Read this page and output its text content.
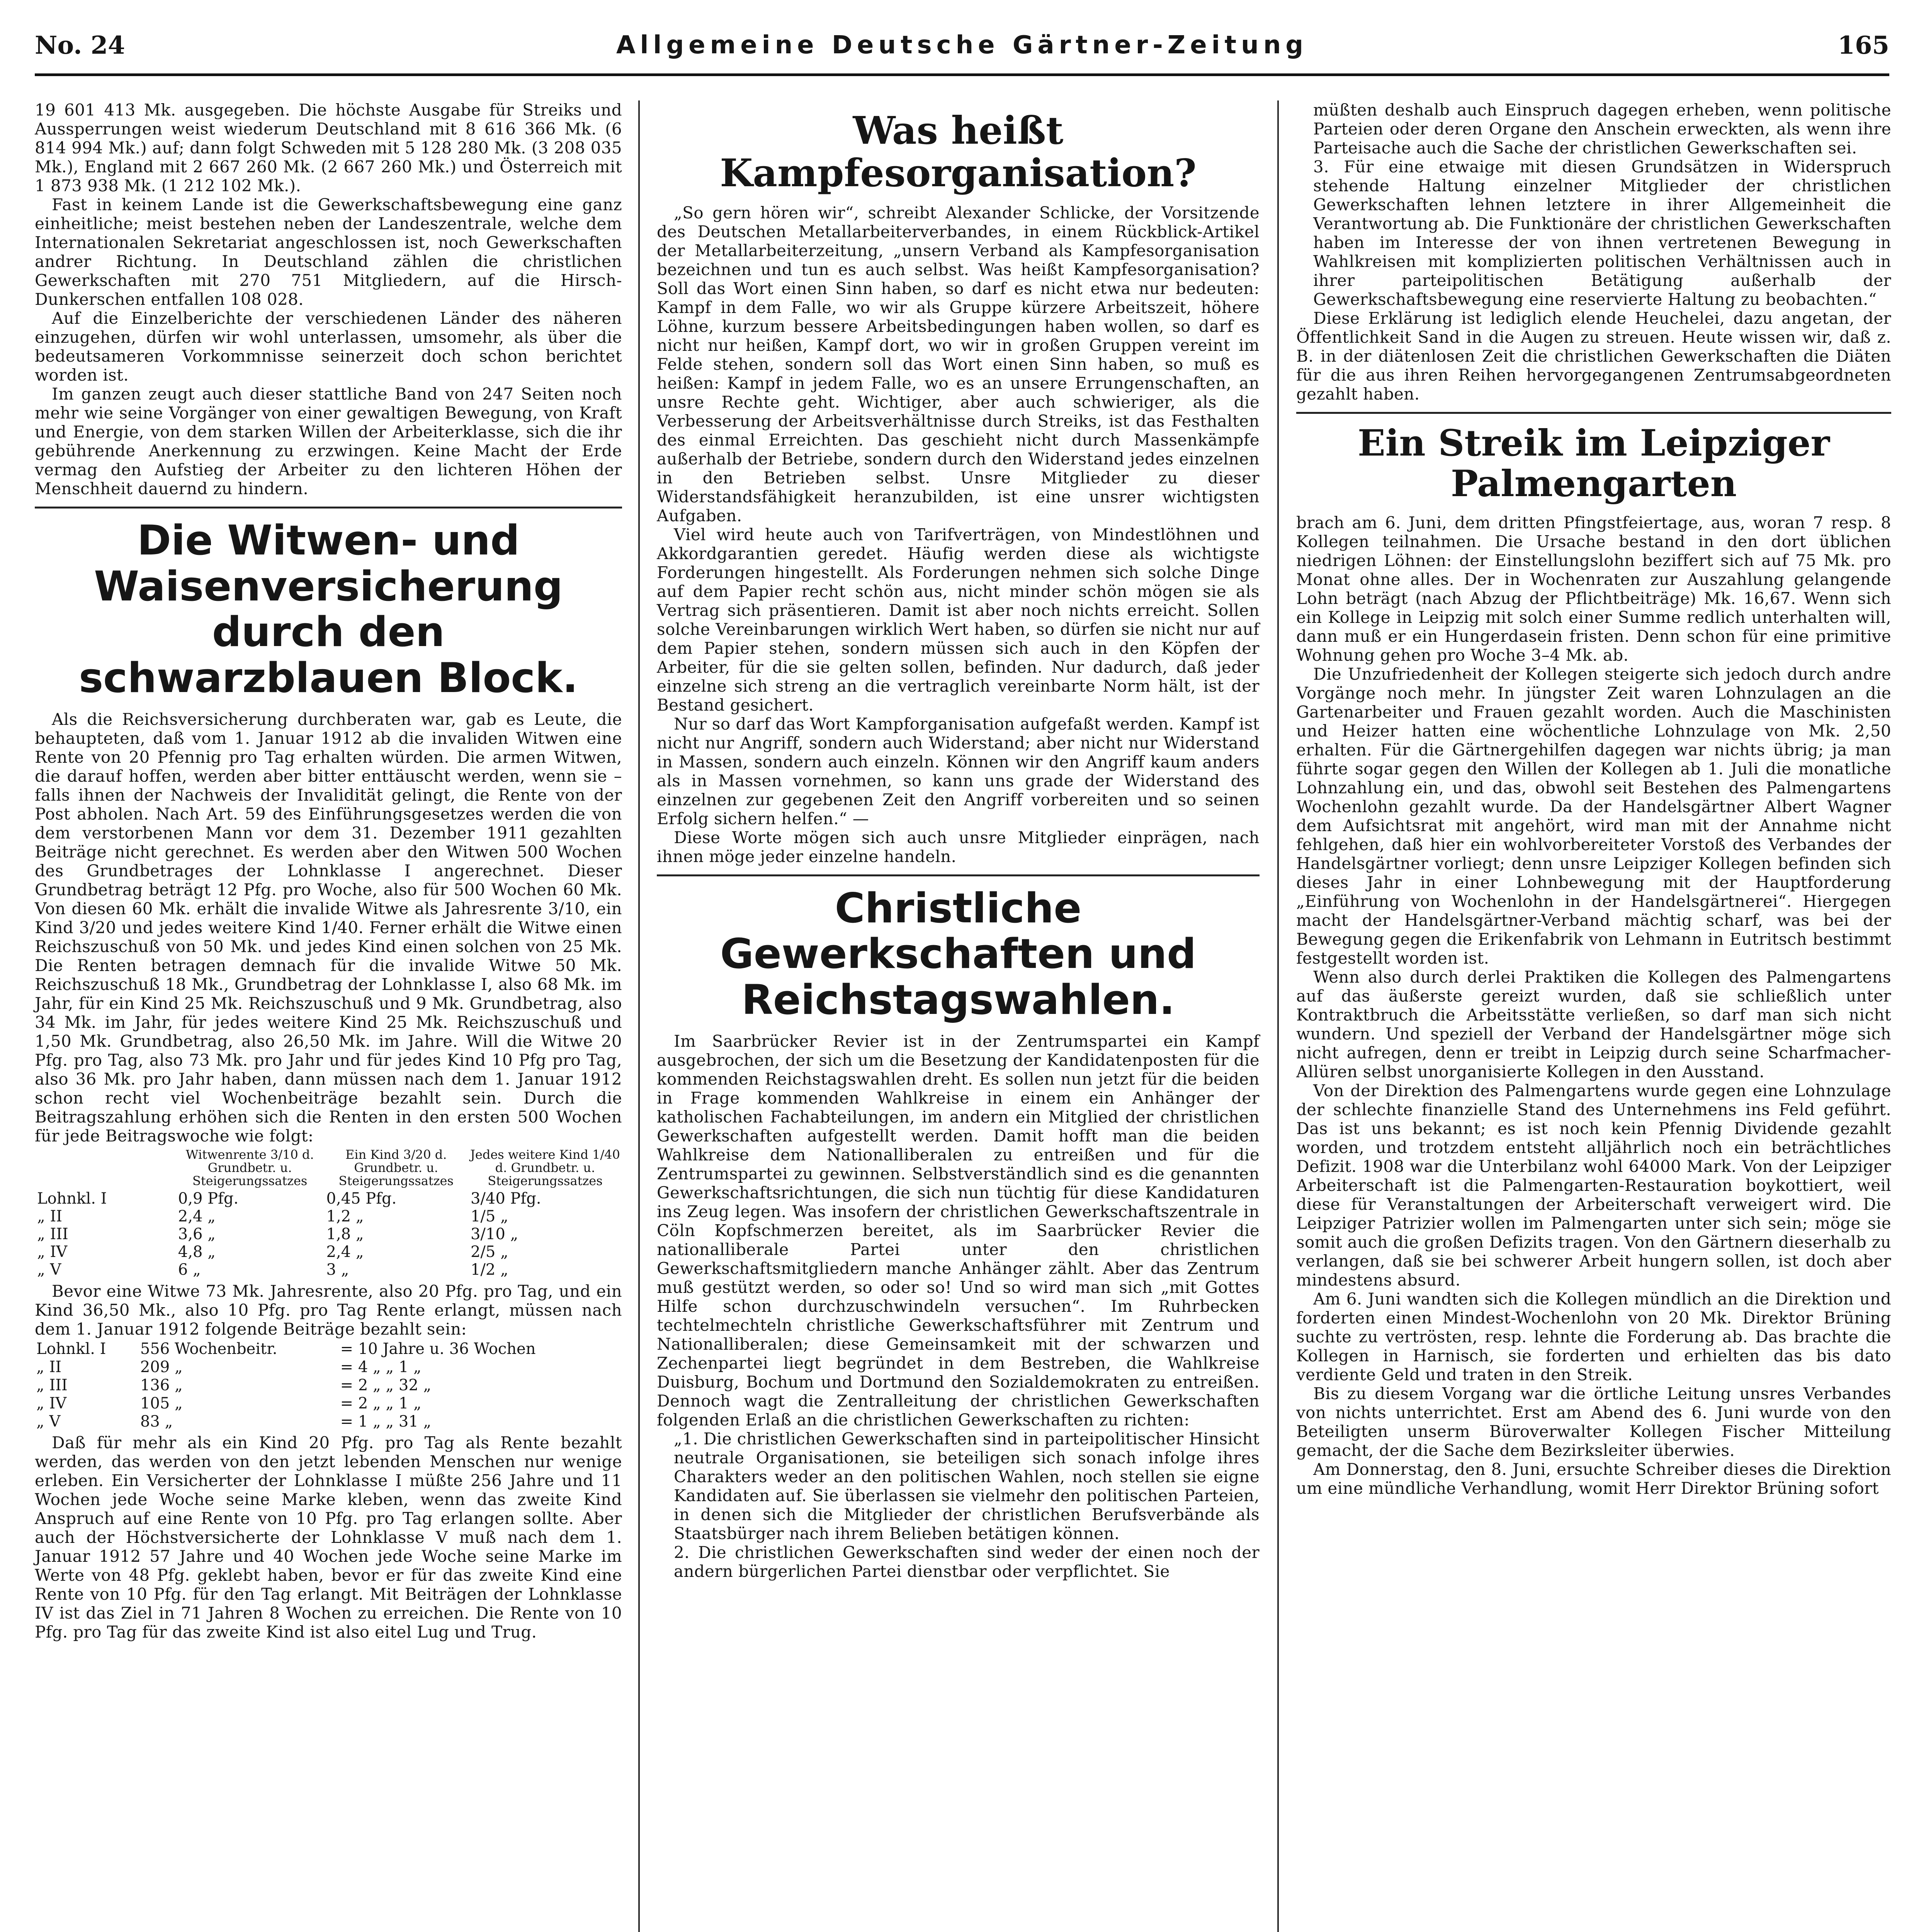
No. 24	Allgemeine Deutsche Gärtner-Zeitung	165

19 601 413 Mk. ausgegeben. Die höchste Ausgabe für Streiks und Aussperrungen weist wiederum Deutschland mit 8 616 366 Mk. (6 814 994 Mk.) auf; dann folgt Schweden mit 5 128 280 Mk. (3 208 035 Mk.), England mit 2 667 260 Mk. (2 667 260 Mk.) und Österreich mit 1 873 938 Mk. (1 212 102 Mk.).

Fast in keinem Lande ist die Gewerkschaftsbewegung eine ganz einheitliche; meist bestehen neben der Landeszentrale, welche dem Internationalen Sekretariat angeschlossen ist, noch Gewerkschaften andrer Richtung. In Deutschland zählen die christlichen Gewerkschaften mit 270 751 Mitgliedern, auf die Hirsch-Dunkerschen entfallen 108 028.

Auf die Einzelberichte der verschiedenen Länder des näheren einzugehen, dürfen wir wohl unterlassen, umsomehr, als über die bedeutsameren Vorkommnisse seinerzeit doch schon berichtet worden ist.

Im ganzen zeugt auch dieser stattliche Band von 247 Seiten noch mehr wie seine Vorgänger von einer gewaltigen Bewegung, von Kraft und Energie, von dem starken Willen der Arbeiterklasse, sich die ihr gebührende Anerkennung zu erzwingen. Keine Macht der Erde vermag den Aufstieg der Arbeiter zu den lichteren Höhen der Menschheit dauernd zu hindern.

Die Witwen- und Waisenversicherung durch den schwarzblauen Block.

Als die Reichsversicherung durchberaten war, gab es Leute, die behaupteten, daß vom 1. Januar 1912 ab die invaliden Witwen eine Rente von 20 Pfennig pro Tag erhalten würden. Die armen Witwen, die darauf hoffen, werden aber bitter enttäuscht werden, wenn sie – falls ihnen der Nachweis der Invalidität gelingt, die Rente von der Post abholen. Nach Art. 59 des Einführungsgesetzes werden die von dem verstorbenen Mann vor dem 31. Dezember 1911 gezahlten Beiträge nicht gerechnet. Es werden aber den Witwen 500 Wochen des Grundbetrages der Lohnklasse I angerechnet. Dieser Grundbetrag beträgt 12 Pfg. pro Woche, also für 500 Wochen 60 Mk. Von diesen 60 Mk. erhält die invalide Witwe als Jahresrente 3/10, ein Kind 3/20 und jedes weitere Kind 1/40. Ferner erhält die Witwe einen Reichszuschuß von 50 Mk. und jedes Kind einen solchen von 25 Mk. Die Renten betragen demnach für die invalide Witwe 50 Mk. Reichszuschuß 18 Mk., Grundbetrag der Lohnklasse I, also 68 Mk. im Jahr, für ein Kind 25 Mk. Reichszuschuß und 9 Mk. Grundbetrag, also 34 Mk. im Jahr, für jedes weitere Kind 25 Mk. Reichszuschuß und 1,50 Mk. Grundbetrag, also 26,50 Mk. im Jahre. Will die Witwe 20 Pfg. pro Tag, also 73 Mk. pro Jahr und für jedes Kind 10 Pfg pro Tag, also 36 Mk. pro Jahr haben, dann müssen nach dem 1. Januar 1912 schon recht viel Wochenbeiträge bezahlt sein. Durch die Beitragszahlung erhöhen sich die Renten in den ersten 500 Wochen für jede Beitragswoche wie folgt:

	Witwenrente 3/10 d. Grundbetr. u. Steigerungssatzes	Ein Kind 3/20 d. Grundbetr. u. Steigerungssatzes	Jedes weitere Kind 1/40 d. Grundbetr. u. Steigerungssatzes
Lohnkl. I	0,9 Pfg.	0,45 Pfg.	3/40 Pfg.
„ II	2,4 „	1,2 „	1/5 „
„ III	3,6 „	1,8 „	3/10 „
„ IV	4,8 „	2,4 „	2/5 „
„ V	6 „	3 „	1/2 „

Bevor eine Witwe 73 Mk. Jahresrente, also 20 Pfg. pro Tag, und ein Kind 36,50 Mk., also 10 Pfg. pro Tag Rente erlangt, müssen nach dem 1. Januar 1912 folgende Beiträge bezahlt sein:

Lohnkl. I	556 Wochenbeitr.	= 10 Jahre u. 36 Wochen
„ II	209 „	= 4 „ „ 1 „
„ III	136 „	= 2 „ „ 32 „
„ IV	105 „	= 2 „ „ 1 „
„ V	83 „	= 1 „ „ 31 „

Daß für mehr als ein Kind 20 Pfg. pro Tag als Rente bezahlt werden, das werden von den jetzt lebenden Menschen nur wenige erleben. Ein Versicherter der Lohnklasse I müßte 256 Jahre und 11 Wochen jede Woche seine Marke kleben, wenn das zweite Kind Anspruch auf eine Rente von 10 Pfg. pro Tag erlangen sollte. Aber auch der Höchstversicherte der Lohnklasse V muß nach dem 1. Januar 1912 57 Jahre und 40 Wochen jede Woche seine Marke im Werte von 48 Pfg. geklebt haben, bevor er für das zweite Kind eine Rente von 10 Pfg. für den Tag erlangt. Mit Beiträgen der Lohnklasse IV ist das Ziel in 71 Jahren 8 Wochen zu erreichen. Die Rente von 10 Pfg. pro Tag für das zweite Kind ist also eitel Lug und Trug.

Was heißt Kampfesorganisation?

„So gern hören wir“, schreibt Alexander Schlicke, der Vorsitzende des Deutschen Metallarbeiterverbandes, in einem Rückblick-Artikel der Metallarbeiterzeitung, „unsern Verband als Kampfesorganisation bezeichnen und tun es auch selbst. Was heißt Kampfesorganisation? Soll das Wort einen Sinn haben, so darf es nicht etwa nur bedeuten: Kampf in dem Falle, wo wir als Gruppe kürzere Arbeitszeit, höhere Löhne, kurzum bessere Arbeitsbedingungen haben wollen, so darf es nicht nur heißen, Kampf dort, wo wir in großen Gruppen vereint im Felde stehen, sondern soll das Wort einen Sinn haben, so muß es heißen: Kampf in jedem Falle, wo es an unsere Errungenschaften, an unsre Rechte geht. Wichtiger, aber auch schwieriger, als die Verbesserung der Arbeitsverhältnisse durch Streiks, ist das Festhalten des einmal Erreichten. Das geschieht nicht durch Massenkämpfe außerhalb der Betriebe, sondern durch den Widerstand jedes einzelnen in den Betrieben selbst. Unsre Mitglieder zu dieser Widerstandsfähigkeit heranzubilden, ist eine unsrer wichtigsten Aufgaben.

Viel wird heute auch von Tarifverträgen, von Mindestlöhnen und Akkordgarantien geredet. Häufig werden diese als wichtigste Forderungen hingestellt. Als Forderungen nehmen sich solche Dinge auf dem Papier recht schön aus, nicht minder schön mögen sie als Vertrag sich präsentieren. Damit ist aber noch nichts erreicht. Sollen solche Vereinbarungen wirklich Wert haben, so dürfen sie nicht nur auf dem Papier stehen, sondern müssen sich auch in den Köpfen der Arbeiter, für die sie gelten sollen, befinden. Nur dadurch, daß jeder einzelne sich streng an die vertraglich vereinbarte Norm hält, ist der Bestand gesichert.

Nur so darf das Wort Kampforganisation aufgefaßt werden. Kampf ist nicht nur Angriff, sondern auch Widerstand; aber nicht nur Widerstand in Massen, sondern auch einzeln. Können wir den Angriff kaum anders als in Massen vornehmen, so kann uns grade der Widerstand des einzelnen zur gegebenen Zeit den Angriff vorbereiten und so seinen Erfolg sichern helfen.“ —

Diese Worte mögen sich auch unsre Mitglieder einprägen, nach ihnen möge jeder einzelne handeln.

Christliche Gewerkschaften und Reichstagswahlen.

Im Saarbrücker Revier ist in der Zentrumspartei ein Kampf ausgebrochen, der sich um die Besetzung der Kandidatenposten für die kommenden Reichstagswahlen dreht. Es sollen nun jetzt für die beiden in Frage kommenden Wahlkreise in einem ein Anhänger der katholischen Fachabteilungen, im andern ein Mitglied der christlichen Gewerkschaften aufgestellt werden. Damit hofft man die beiden Wahlkreise dem Nationalliberalen zu entreißen und für die Zentrumspartei zu gewinnen. Selbstverständlich sind es die genannten Gewerkschaftsrichtungen, die sich nun tüchtig für diese Kandidaturen ins Zeug legen. Was insofern der christlichen Gewerkschaftszentrale in Cöln Kopfschmerzen bereitet, als im Saarbrücker Revier die nationalliberale Partei unter den christlichen Gewerkschaftsmitgliedern manche Anhänger zählt. Aber das Zentrum muß gestützt werden, so oder so! Und so wird man sich „mit Gottes Hilfe schon durchzuschwindeln versuchen“. Im Ruhrbecken techtelmechteln christliche Gewerkschaftsführer mit Zentrum und Nationalliberalen; diese Gemeinsamkeit mit der schwarzen und Zechenpartei liegt begründet in dem Bestreben, die Wahlkreise Duisburg, Bochum und Dortmund den Sozialdemokraten zu entreißen. Dennoch wagt die Zentralleitung der christlichen Gewerkschaften folgenden Erlaß an die christlichen Gewerkschaften zu richten:

„1. Die christlichen Gewerkschaften sind in parteipolitischer Hinsicht neutrale Organisationen, sie beteiligen sich sonach infolge ihres Charakters weder an den politischen Wahlen, noch stellen sie eigne Kandidaten auf. Sie überlassen sie vielmehr den politischen Parteien, in denen sich die Mitglieder der christlichen Berufsverbände als Staatsbürger nach ihrem Belieben betätigen können.

2. Die christlichen Gewerkschaften sind weder der einen noch der andern bürgerlichen Partei dienstbar oder verpflichtet. Sie

müßten deshalb auch Einspruch dagegen erheben, wenn politische Parteien oder deren Organe den Anschein erweckten, als wenn ihre Parteisache auch die Sache der christlichen Gewerkschaften sei.

3. Für eine etwaige mit diesen Grundsätzen in Widerspruch stehende Haltung einzelner Mitglieder der christlichen Gewerkschaften lehnen letztere in ihrer Allgemeinheit die Verantwortung ab. Die Funktionäre der christlichen Gewerkschaften haben im Interesse der von ihnen vertretenen Bewegung in Wahlkreisen mit komplizierten politischen Verhältnissen auch in ihrer parteipolitischen Betätigung außerhalb der Gewerkschaftsbewegung eine reservierte Haltung zu beobachten.“

Diese Erklärung ist lediglich elende Heuchelei, dazu angetan, der Öffentlichkeit Sand in die Augen zu streuen. Heute wissen wir, daß z. B. in der diätenlosen Zeit die christlichen Gewerkschaften die Diäten für die aus ihren Reihen hervorgegangenen Zentrumsabgeordneten gezahlt haben.

Ein Streik im Leipziger Palmengarten

brach am 6. Juni, dem dritten Pfingstfeiertage, aus, woran 7 resp. 8 Kollegen teilnahmen. Die Ursache bestand in den dort üblichen niedrigen Löhnen: der Einstellungslohn beziffert sich auf 75 Mk. pro Monat ohne alles. Der in Wochenraten zur Auszahlung gelangende Lohn beträgt (nach Abzug der Pflichtbeiträge) Mk. 16,67. Wenn sich ein Kollege in Leipzig mit solch einer Summe redlich unterhalten will, dann muß er ein Hungerdasein fristen. Denn schon für eine primitive Wohnung gehen pro Woche 3–4 Mk. ab.

Die Unzufriedenheit der Kollegen steigerte sich jedoch durch andre Vorgänge noch mehr. In jüngster Zeit waren Lohnzulagen an die Gartenarbeiter und Frauen gezahlt worden. Auch die Maschinisten und Heizer hatten eine wöchentliche Lohnzulage von Mk. 2,50 erhalten. Für die Gärtnergehilfen dagegen war nichts übrig; ja man führte sogar gegen den Willen der Kollegen ab 1. Juli die monatliche Lohnzahlung ein, und das, obwohl seit Bestehen des Palmengartens Wochenlohn gezahlt wurde. Da der Handelsgärtner Albert Wagner dem Aufsichtsrat mit angehört, wird man mit der Annahme nicht fehlgehen, daß hier ein wohlvorbereiteter Vorstoß des Verbandes der Handelsgärtner vorliegt; denn unsre Leipziger Kollegen befinden sich dieses Jahr in einer Lohnbewegung mit der Hauptforderung „Einführung von Wochenlohn in der Handelsgärtnerei“. Hiergegen macht der Handelsgärtner-Verband mächtig scharf, was bei der Bewegung gegen die Erikenfabrik von Lehmann in Eutritsch bestimmt festgestellt worden ist.

Wenn also durch derlei Praktiken die Kollegen des Palmengartens auf das äußerste gereizt wurden, daß sie schließlich unter Kontraktbruch die Arbeitsstätte verließen, so darf man sich nicht wundern. Und speziell der Verband der Handelsgärtner möge sich nicht aufregen, denn er treibt in Leipzig durch seine Scharfmacher-Allüren selbst unorganisierte Kollegen in den Ausstand.

Von der Direktion des Palmengartens wurde gegen eine Lohnzulage der schlechte finanzielle Stand des Unternehmens ins Feld geführt. Das ist uns bekannt; es ist noch kein Pfennig Dividende gezahlt worden, und trotzdem entsteht alljährlich noch ein beträchtliches Defizit. 1908 war die Unterbilanz wohl 64000 Mark. Von der Leipziger Arbeiterschaft ist die Palmengarten-Restauration boykottiert, weil diese für Veranstaltungen der Arbeiterschaft verweigert wird. Die Leipziger Patrizier wollen im Palmengarten unter sich sein; möge sie somit auch die großen Defizits tragen. Von den Gärtnern dieserhalb zu verlangen, daß sie bei schwerer Arbeit hungern sollen, ist doch aber mindestens absurd.

Am 6. Juni wandten sich die Kollegen mündlich an die Direktion und forderten einen Mindest-Wochenlohn von 20 Mk. Direktor Brüning suchte zu vertrösten, resp. lehnte die Forderung ab. Das brachte die Kollegen in Harnisch, sie forderten und erhielten das bis dato verdiente Geld und traten in den Streik.

Bis zu diesem Vorgang war die örtliche Leitung unsres Verbandes von nichts unterrichtet. Erst am Abend des 6. Juni wurde von den Beteiligten unserm Büroverwalter Kollegen Fischer Mitteilung gemacht, der die Sache dem Bezirksleiter überwies.

Am Donnerstag, den 8. Juni, ersuchte Schreiber dieses die Direktion um eine mündliche Verhandlung, womit Herr Direktor Brüning sofort
